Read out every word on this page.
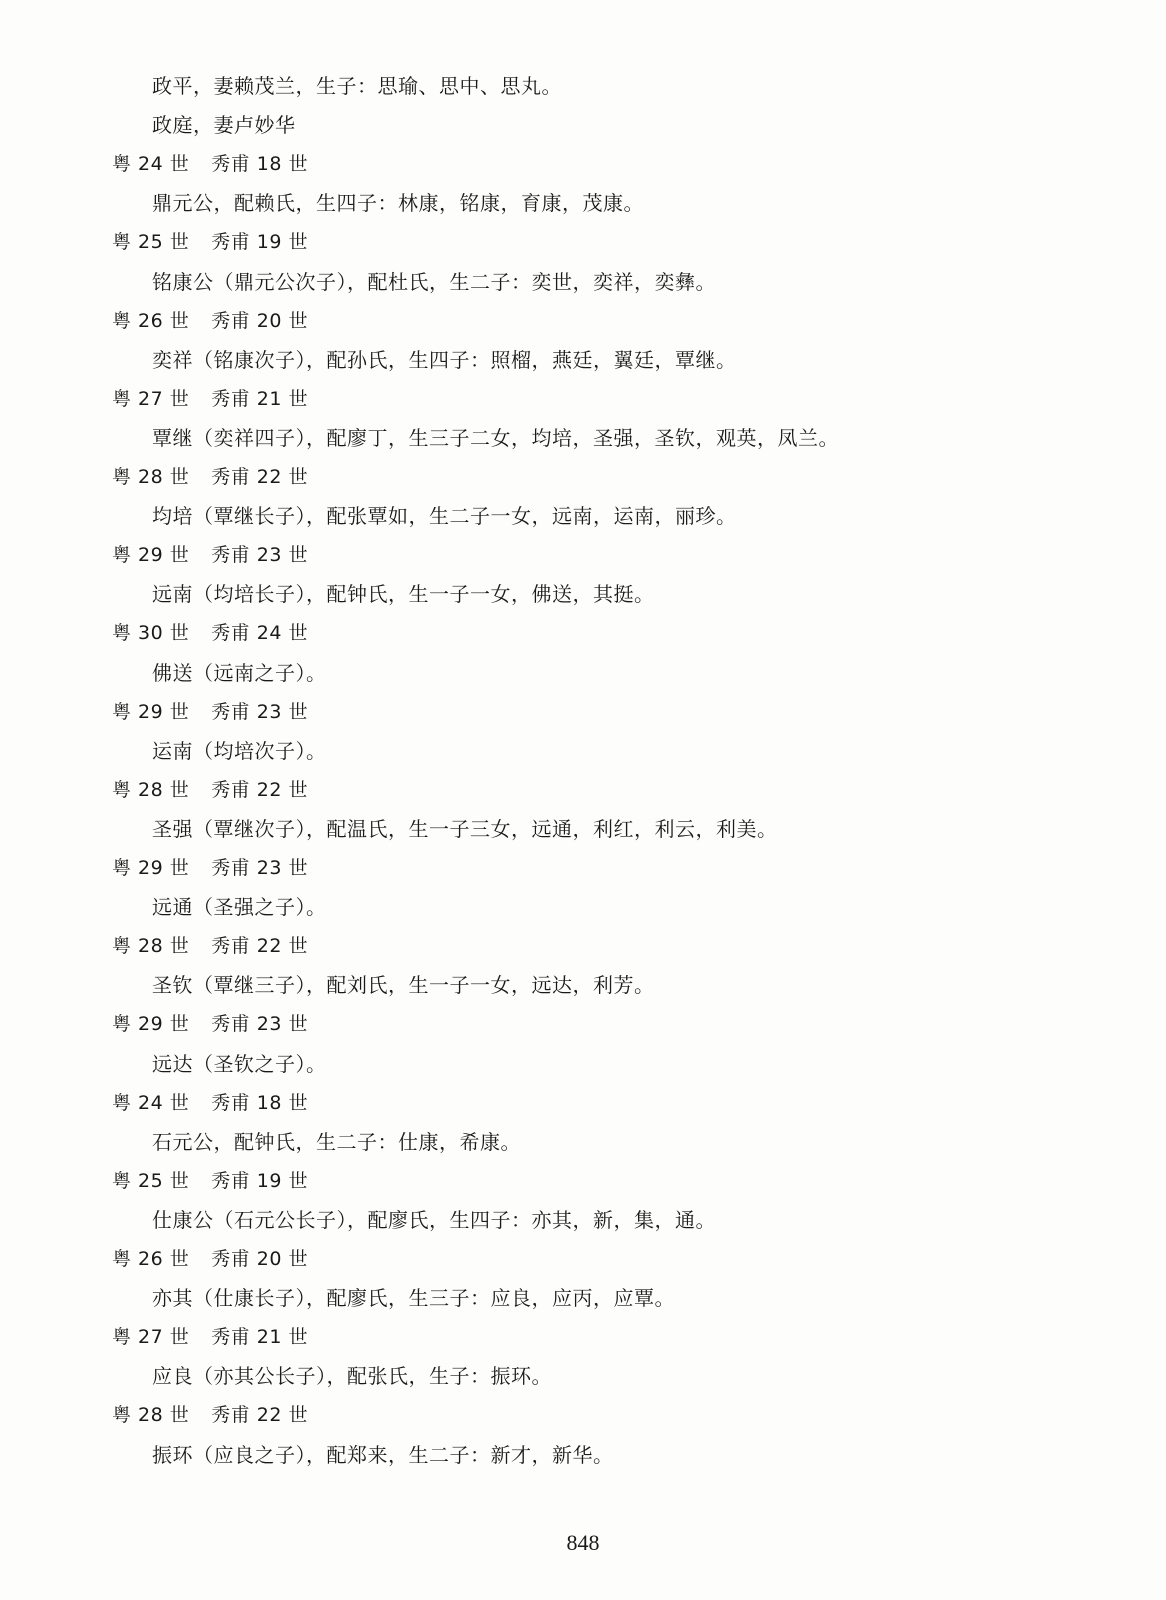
政平，妻赖茂兰，生子：思瑜、思中、思丸。
政庭，妻卢妙华
粤 24 世 秀甫 18 世
鼎元公，配赖氏，生四子：林康，铭康，育康，茂康。
粤 25 世 秀甫 19 世
铭康公（鼎元公次子），配杜氏，生二子：奕世，奕祥，奕彝。
粤 26 世 秀甫 20 世
奕祥（铭康次子），配孙氏，生四子：照榴，燕廷，翼廷，覃继。
粤 27 世 秀甫 21 世
覃继（奕祥四子），配廖丁，生三子二女，均培，圣强，圣钦，观英，凤兰。
粤 28 世 秀甫 22 世
均培（覃继长子），配张覃如，生二子一女，远南，运南，丽珍。
粤 29 世 秀甫 23 世
远南（均培长子），配钟氏，生一子一女，佛送，其挺。
粤 30 世 秀甫 24 世
佛送（远南之子）。
粤 29 世 秀甫 23 世
运南（均培次子）。
粤 28 世 秀甫 22 世
圣强（覃继次子），配温氏，生一子三女，远通，利红，利云，利美。
粤 29 世 秀甫 23 世
远通（圣强之子）。
粤 28 世 秀甫 22 世
圣钦（覃继三子），配刘氏，生一子一女，远达，利芳。
粤 29 世 秀甫 23 世
远达（圣钦之子）。
粤 24 世 秀甫 18 世
石元公，配钟氏，生二子：仕康，希康。
粤 25 世 秀甫 19 世
仕康公（石元公长子），配廖氏，生四子：亦其，新，集，通。
粤 26 世 秀甫 20 世
亦其（仕康长子），配廖氏，生三子：应良，应丙，应覃。
粤 27 世 秀甫 21 世
应良（亦其公长子），配张氏，生子：振环。
粤 28 世 秀甫 22 世
振环（应良之子），配郑来，生二子：新才，新华。
848
